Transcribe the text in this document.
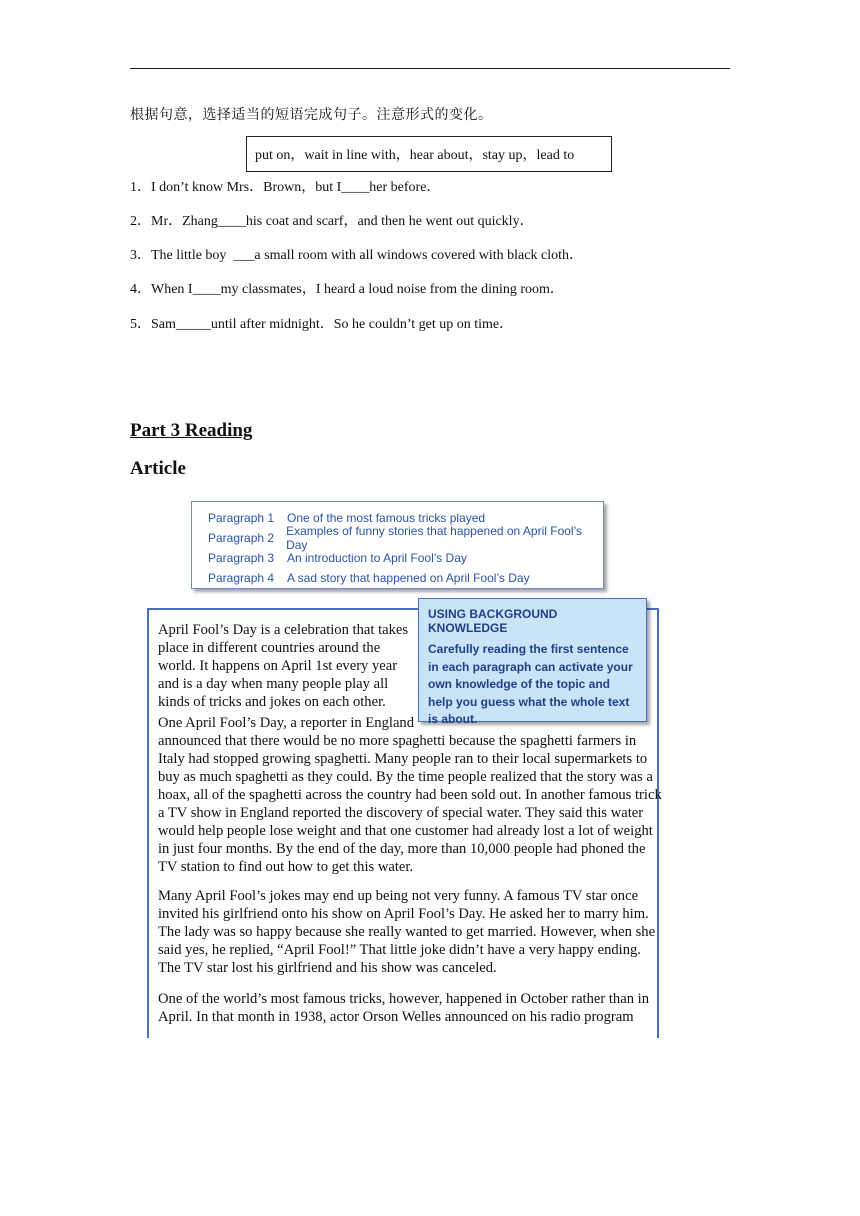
根据句意，选择适当的短语完成句子。注意形式的变化。
put on，wait in line with，hear about，stay up，lead to
1．I don’t know Mrs．Brown，but I____her before．
2．Mr．Zhang____his coat and scarf，and then he went out quickly．
3．The little boy  ___a small room with all windows covered with black cloth．
4．When I____my classmates，I heard a loud noise from the dining room．
5．Sam_____until after midnight．So he couldn’t get up on time．
Part 3 Reading
Article
Paragraph 1	One of the most famous tricks played
Paragraph 2	Examples of funny stories that happened on April Fool’s Day
Paragraph 3	An introduction to April Fool’s Day
Paragraph 4	A sad story that happened on April Fool’s Day
April Fool’s Day is a celebration that takes
place in different countries around the
world. It happens on April 1st every year
and is a day when many people play all
kinds of tricks and jokes on each other.
One April Fool’s Day, a reporter in England
announced that there would be no more spaghetti because the spaghetti farmers in
Italy had stopped growing spaghetti. Many people ran to their local supermarkets to
buy as much spaghetti as they could. By the time people realized that the story was a
hoax, all of the spaghetti across the country had been sold out. In another famous trick
a TV show in England reported the discovery of special water. They said this water
would help people lose weight and that one customer had already lost a lot of weight
in just four months. By the end of the day, more than 10,000 people had phoned the
TV station to find out how to get this water.
Many April Fool’s jokes may end up being not very funny. A famous TV star once
invited his girlfriend onto his show on April Fool’s Day. He asked her to marry him.
The lady was so happy because she really wanted to get married. However, when she
said yes, he replied, “April Fool!” That little joke didn’t have a very happy ending.
The TV star lost his girlfriend and his show was canceled.
One of the world’s most famous tricks, however, happened in October rather than in
April. In that month in 1938, actor Orson Welles announced on his radio program
USING BACKGROUND KNOWLEDGE
Carefully reading the first sentence
in each paragraph can activate your
own knowledge of the topic and
help you guess what the whole text
is about.
